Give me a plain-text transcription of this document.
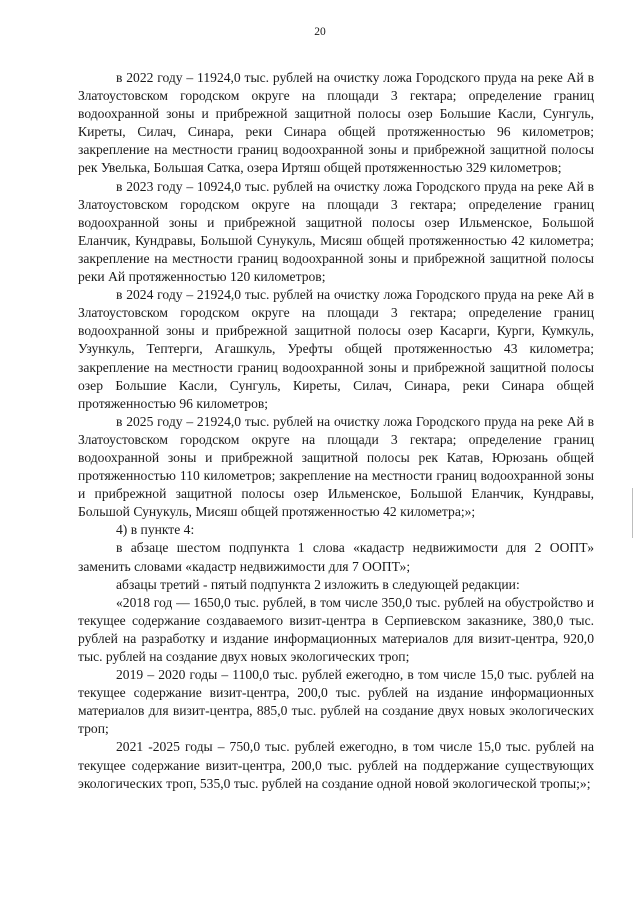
20

в 2022 году – 11924,0 тыс. рублей на очистку ложа Городского пруда на реке Ай в Златоустовском городском округе на площади 3 гектара; определение границ водоохранной зоны и прибрежной защитной полосы озер Большие Касли, Сунгуль, Киреты, Силач, Синара, реки Синара общей протяженностью 96 километров; закрепление на местности границ водоохранной зоны и прибрежной защитной полосы рек Увелька, Большая Сатка, озера Иртяш общей протяженностью 329 километров;

в 2023 году – 10924,0 тыс. рублей на очистку ложа Городского пруда на реке Ай в Златоустовском городском округе на площади 3 гектара; определение границ водоохранной зоны и прибрежной защитной полосы озер Ильменское, Большой Еланчик, Кундравы, Большой Сунукуль, Мисяш общей протяженностью 42 километра; закрепление на местности границ водоохранной зоны и прибрежной защитной полосы реки Ай протяженностью 120 километров;

в 2024 году – 21924,0 тыс. рублей на очистку ложа Городского пруда на реке Ай в Златоустовском городском округе на площади 3 гектара; определение границ водоохранной зоны и прибрежной защитной полосы озер Касарги, Курги, Кумкуль, Узункуль, Тептерги, Агашкуль, Урефты общей протяженностью 43 километра; закрепление на местности границ водоохранной зоны и прибрежной защитной полосы озер Большие Касли, Сунгуль, Киреты, Силач, Синара, реки Синара общей протяженностью 96 километров;

в 2025 году – 21924,0 тыс. рублей на очистку ложа Городского пруда на реке Ай в Златоустовском городском округе на площади 3 гектара; определение границ водоохранной зоны и прибрежной защитной полосы рек Катав, Юрюзань общей протяженностью 110 километров; закрепление на местности границ водоохранной зоны и прибрежной защитной полосы озер Ильменское, Большой Еланчик, Кундравы, Большой Сунукуль, Мисяш общей протяженностью 42 километра;»;

4) в пункте 4:

в абзаце шестом подпункта 1 слова «кадастр недвижимости для 2 ООПТ» заменить словами «кадастр недвижимости для 7 ООПТ»;

абзацы третий - пятый подпункта 2 изложить в следующей редакции:

«2018 год — 1650,0 тыс. рублей, в том числе 350,0 тыс. рублей на обустройство и текущее содержание создаваемого визит-центра в Серпиевском заказнике, 380,0 тыс. рублей на разработку и издание информационных материалов для визит-центра, 920,0 тыс. рублей на создание двух новых экологических троп;

2019 – 2020 годы – 1100,0 тыс. рублей ежегодно, в том числе 15,0 тыс. рублей на текущее содержание визит-центра, 200,0 тыс. рублей на издание информационных материалов для визит-центра, 885,0 тыс. рублей на создание двух новых экологических троп;

2021 -2025 годы – 750,0 тыс. рублей ежегодно, в том числе 15,0 тыс. рублей на текущее содержание визит-центра, 200,0 тыс. рублей на поддержание существующих экологических троп, 535,0 тыс. рублей на создание одной новой экологической тропы;»;
